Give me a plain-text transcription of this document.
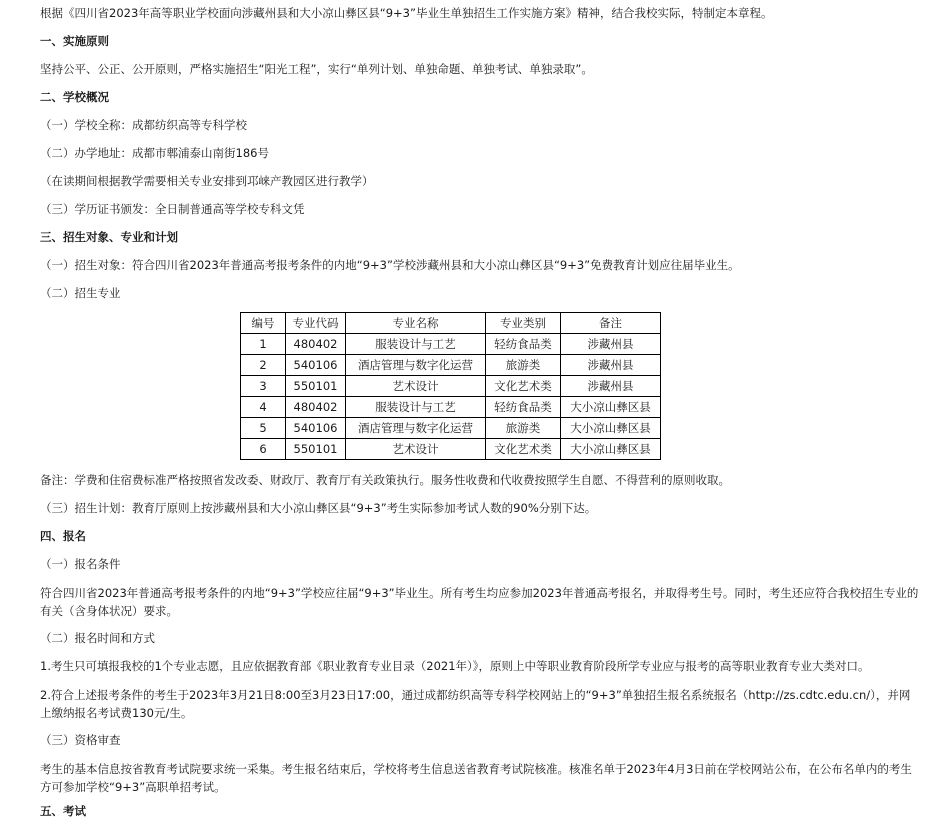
根据《四川省2023年高等职业学校面向涉藏州县和大小凉山彝区县“9+3”毕业生单独招生工作实施方案》精神，结合我校实际，特制定本章程。
一、实施原则
坚持公平、公正、公开原则，严格实施招生“阳光工程”，实行“单列计划、单独命题、单独考试、单独录取”。
二、学校概况
（一）学校全称：成都纺织高等专科学校
（二）办学地址：成都市郫浦泰山南街186号
（在读期间根据教学需要相关专业安排到邛崃产教园区进行教学）
（三）学历证书颁发：全日制普通高等学校专科文凭
三、招生对象、专业和计划
（一）招生对象：符合四川省2023年普通高考报考条件的内地“9+3”学校涉藏州县和大小凉山彝区县“9+3”免费教育计划应往届毕业生。
（二）招生专业
编号	专业代码	专业名称	专业类别	备注
1	480402	服装设计与工艺	轻纺食品类	涉藏州县
2	540106	酒店管理与数字化运营	旅游类	涉藏州县
3	550101	艺术设计	文化艺术类	涉藏州县
4	480402	服装设计与工艺	轻纺食品类	大小凉山彝区县
5	540106	酒店管理与数字化运营	旅游类	大小凉山彝区县
6	550101	艺术设计	文化艺术类	大小凉山彝区县
备注：学费和住宿费标准严格按照省发改委、财政厅、教育厅有关政策执行。服务性收费和代收费按照学生自愿、不得营利的原则收取。
（三）招生计划：教育厅原则上按涉藏州县和大小凉山彝区县“9+3”考生实际参加考试人数的90%分别下达。
四、报名
（一）报名条件
符合四川省2023年普通高考报考条件的内地“9+3”学校应往届“9+3”毕业生。所有考生均应参加2023年普通高考报名，并取得考生号。同时，考生还应符合我校招生专业的有关（含身体状况）要求。
（二）报名时间和方式
1.考生只可填报我校的1个专业志愿，且应依据教育部《职业教育专业目录（2021年）》，原则上中等职业教育阶段所学专业应与报考的高等职业教育专业大类对口。
2.符合上述报考条件的考生于2023年3月21日8:00至3月23日17:00，通过成都纺织高等专科学校网站上的“9+3”单独招生报名系统报名（http://zs.cdtc.edu.cn/），并网上缴纳报名考试费130元/生。
（三）资格审查
考生的基本信息按省教育考试院要求统一采集。考生报名结束后，学校将考生信息送省教育考试院核准。核准名单于2023年4月3日前在学校网站公布，在公布名单内的考生方可参加学校“9+3”高职单招考试。
五、考试
